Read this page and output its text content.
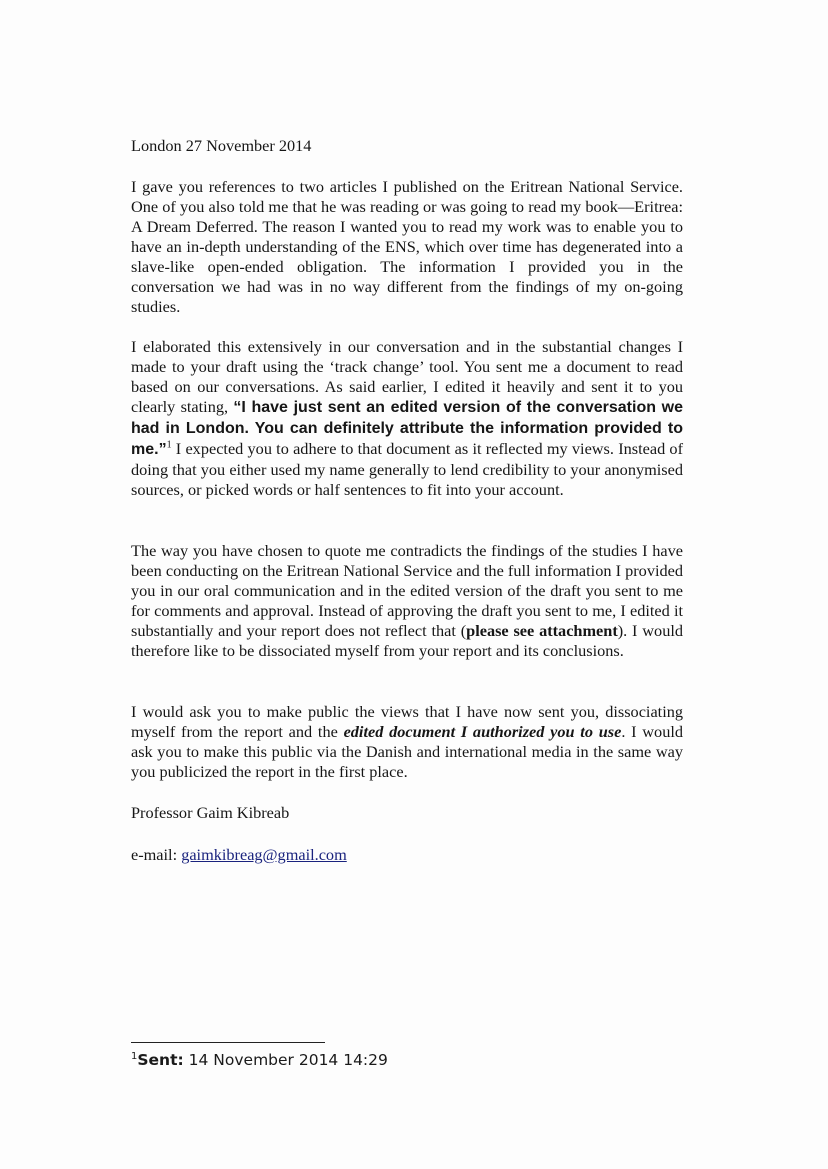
London 27 November 2014

I gave you references to two articles I published on the Eritrean National Service. One of you also told me that he was reading or was going to read my book—Eritrea: A Dream Deferred. The reason I wanted you to read my work was to enable you to have an in-depth understanding of the ENS, which over time has degenerated into a slave-like open-ended obligation. The information I provided you in the conversation we had was in no way different from the findings of my on-going studies.

I elaborated this extensively in our conversation and in the substantial changes I made to your draft using the ‘track change’ tool. You sent me a document to read based on our conversations. As said earlier, I edited it heavily and sent it to you clearly stating, “I have just sent an edited version of the conversation we had in London. You can definitely attribute the information provided to me.”$^1$ I expected you to adhere to that document as it reflected my views. Instead of doing that you either used my name generally to lend credibility to your anonymised sources, or picked words or half sentences to fit into your account.

The way you have chosen to quote me contradicts the findings of the studies I have been conducting on the Eritrean National Service and the full information I provided you in our oral communication and in the edited version of the draft you sent to me for comments and approval. Instead of approving the draft you sent to me, I edited it substantially and your report does not reflect that (please see attachment). I would therefore like to be dissociated myself from your report and its conclusions.

I would ask you to make public the views that I have now sent you, dissociating myself from the report and the edited document I authorized you to use. I would ask you to make this public via the Danish and international media in the same way you publicized the report in the first place.

Professor Gaim Kibreab

e-mail: gaimkibreag@gmail.com

$^1$Sent: 14 November 2014 14:29
